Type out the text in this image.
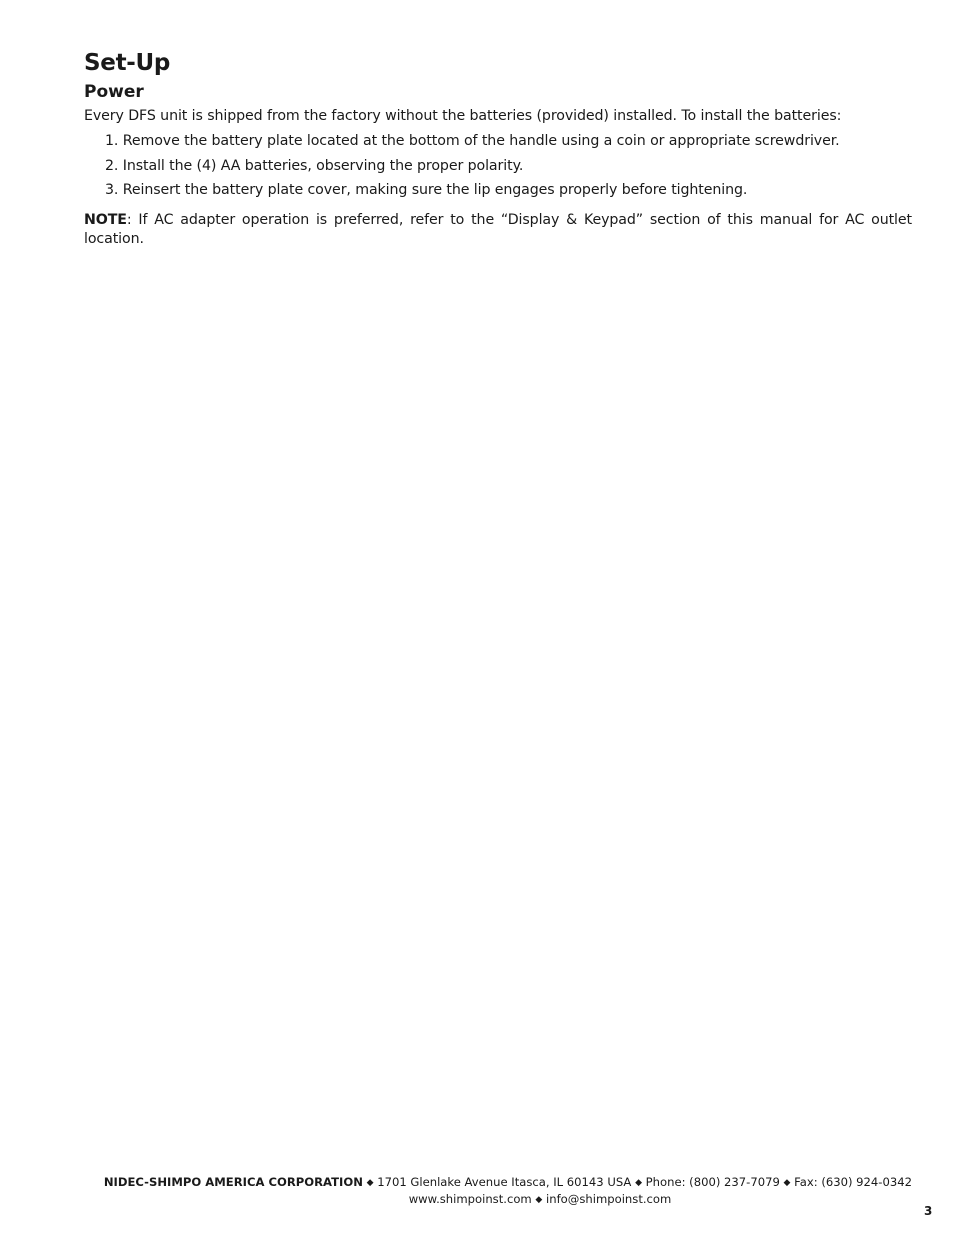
Set-Up
Power

Every DFS unit is shipped from the factory without the batteries (provided) installed. To install the batteries:

1. Remove the battery plate located at the bottom of the handle using a coin or appropriate screwdriver.
2. Install the (4) AA batteries, observing the proper polarity.
3. Reinsert the battery plate cover, making sure the lip engages properly before tightening.

NOTE: If AC adapter operation is preferred, refer to the “Display & Keypad” section of this manual for AC outlet location.

NIDEC-SHIMPO AMERICA CORPORATION ◆ 1701 Glenlake Avenue Itasca, IL 60143 USA ◆ Phone: (800) 237-7079 ◆ Fax: (630) 924-0342
www.shimpoinst.com ◆ info@shimpoinst.com
3
